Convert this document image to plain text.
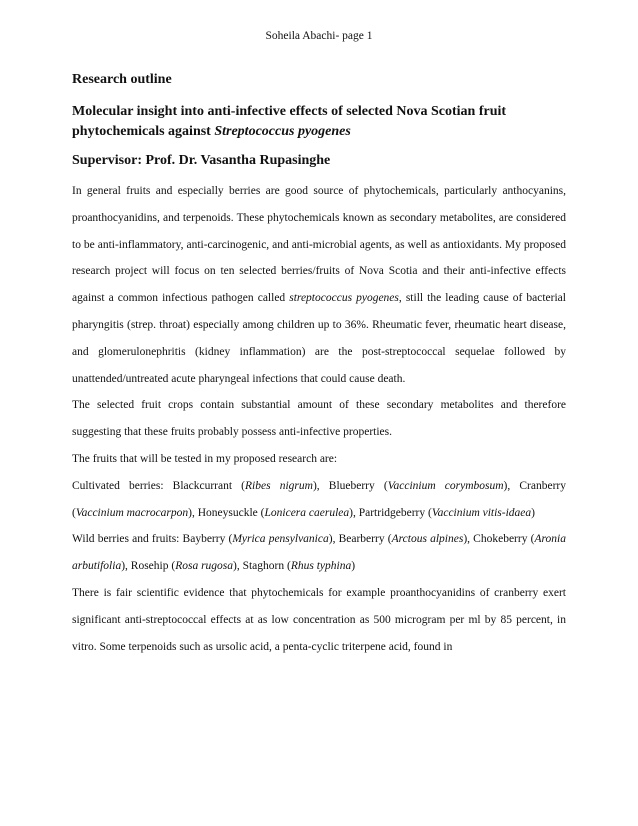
Soheila Abachi- page 1
Research outline
Molecular insight into anti-infective effects of selected Nova Scotian fruit phytochemicals against Streptococcus pyogenes
Supervisor: Prof. Dr. Vasantha Rupasinghe

In general fruits and especially berries are good source of phytochemicals, particularly anthocyanins, proanthocyanidins, and terpenoids. These phytochemicals known as secondary metabolites, are considered to be anti-inflammatory, anti-carcinogenic, and anti-microbial agents, as well as antioxidants. My proposed research project will focus on ten selected berries/fruits of Nova Scotia and their anti-infective effects against a common infectious pathogen called streptococcus pyogenes, still the leading cause of bacterial pharyngitis (strep. throat) especially among children up to 36%. Rheumatic fever, rheumatic heart disease, and glomerulonephritis (kidney inflammation) are the post-streptococcal sequelae followed by unattended/untreated acute pharyngeal infections that could cause death.

The selected fruit crops contain substantial amount of these secondary metabolites and therefore suggesting that these fruits probably possess anti-infective properties.

The fruits that will be tested in my proposed research are:

Cultivated berries: Blackcurrant (Ribes nigrum), Blueberry (Vaccinium corymbosum), Cranberry (Vaccinium macrocarpon), Honeysuckle (Lonicera caerulea), Partridgeberry (Vaccinium vitis-idaea)

Wild berries and fruits: Bayberry (Myrica pensylvanica), Bearberry (Arctous alpines), Chokeberry (Aronia arbutifolia), Rosehip (Rosa rugosa), Staghorn (Rhus typhina)

There is fair scientific evidence that phytochemicals for example proanthocyanidins of cranberry exert significant anti-streptococcal effects at as low concentration as 500 microgram per ml by 85 percent, in vitro. Some terpenoids such as ursolic acid, a penta-cyclic triterpene acid, found in
